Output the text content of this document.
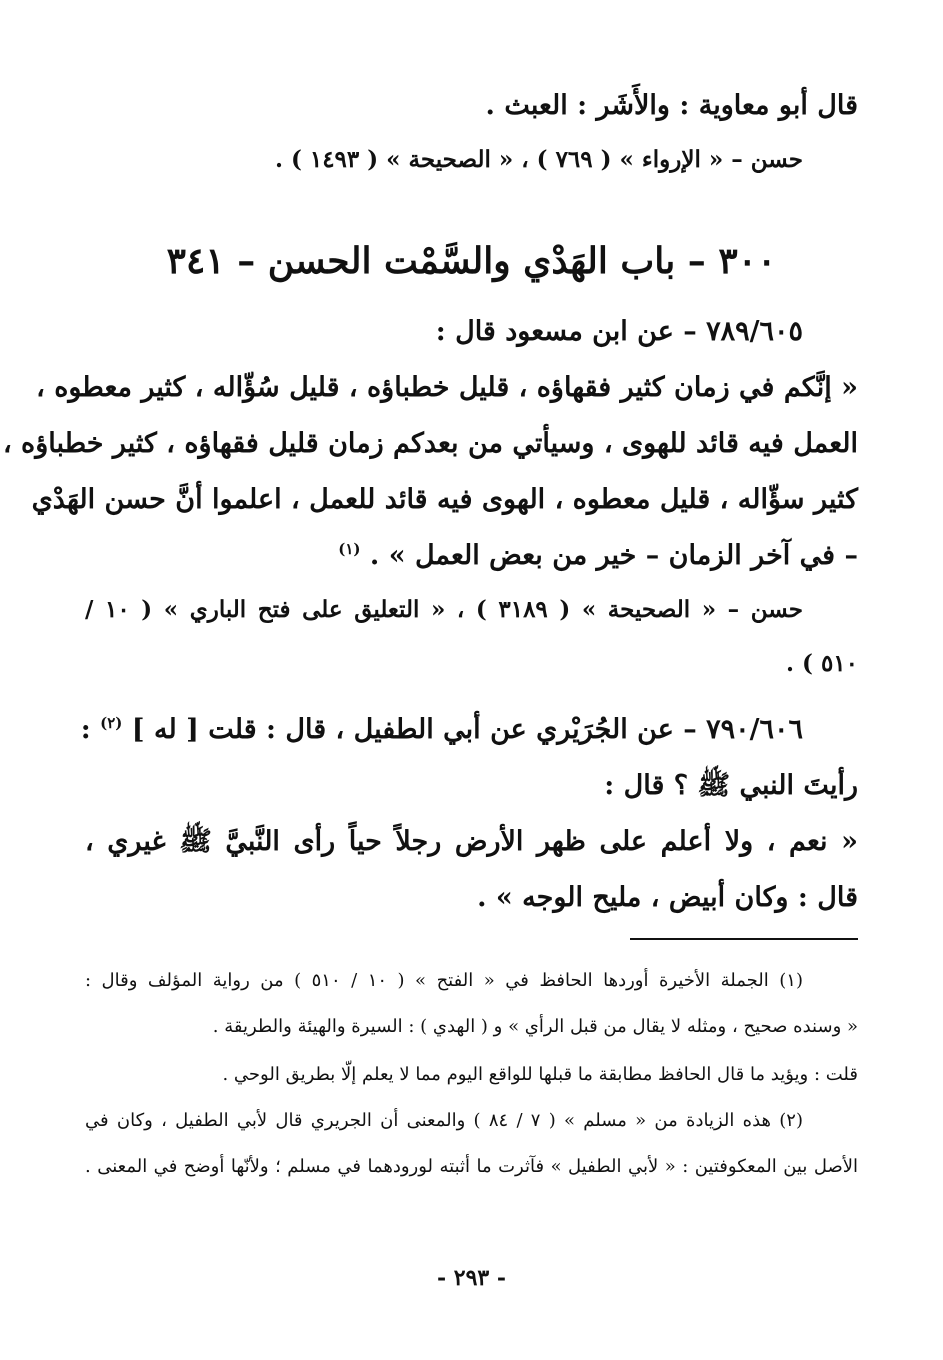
قال أبو معاوية : والأَشَر : العبث .
حسن – « الإرواء » ( ٧٦٩ ) ، « الصحيحة » ( ١٤٩٣ ) .
٣٠٠ – باب الهَدْي والسَّمْت الحسن – ٣٤١
٧٨٩/٦٠٥ – عن ابن مسعود قال :
« إنَّكم في زمان كثير فقهاؤه ، قليل خطباؤه ، قليل سُؤّاله ، كثير معطوه ،
العمل فيه قائد للهوى ، وسيأتي من بعدكم زمان قليل فقهاؤه ، كثير خطباؤه ،
كثير سؤّاله ، قليل معطوه ، الهوى فيه قائد للعمل ، اعلموا أنَّ حسن الهَدْي
– في آخر الزمان – خير من بعض العمل » . $^{(١)}$
حسن – « الصحيحة » ( ٣١٨٩ ) ، « التعليق على فتح الباري » ( ١٠ /
٥١٠ ) .
٧٩٠/٦٠٦ – عن الجُرَيْري عن أبي الطفيل ، قال : قلت [ له ] $^{(٢)}$ :
رأيتَ النبي ﷺ ؟ قال :
« نعم ، ولا أعلم على ظهر الأرض رجلاً حياً رأى النَّبيَّ ﷺ غيري ،
قال : وكان أبيض ، مليح الوجه » .
(١) الجملة الأخيرة أوردها الحافظ في « الفتح » ( ١٠ / ٥١٠ ) من رواية المؤلف وقال :
« وسنده صحيح ، ومثله لا يقال من قبل الرأي » و ( الهدي ) : السيرة والهيئة والطريقة .
قلت : ويؤيد ما قال الحافظ مطابقة ما قبلها للواقع اليوم مما لا يعلم إلّا بطريق الوحي .
(٢) هذه الزيادة من « مسلم » ( ٧ / ٨٤ ) والمعنى أن الجريري قال لأبي الطفيل ، وكان في
الأصل بين المعكوفتين : « لأبي الطفيل » فآثرت ما أثبته لورودهما في مسلم ؛ ولأنّها أوضح في المعنى .
- ٢٩٣ -
